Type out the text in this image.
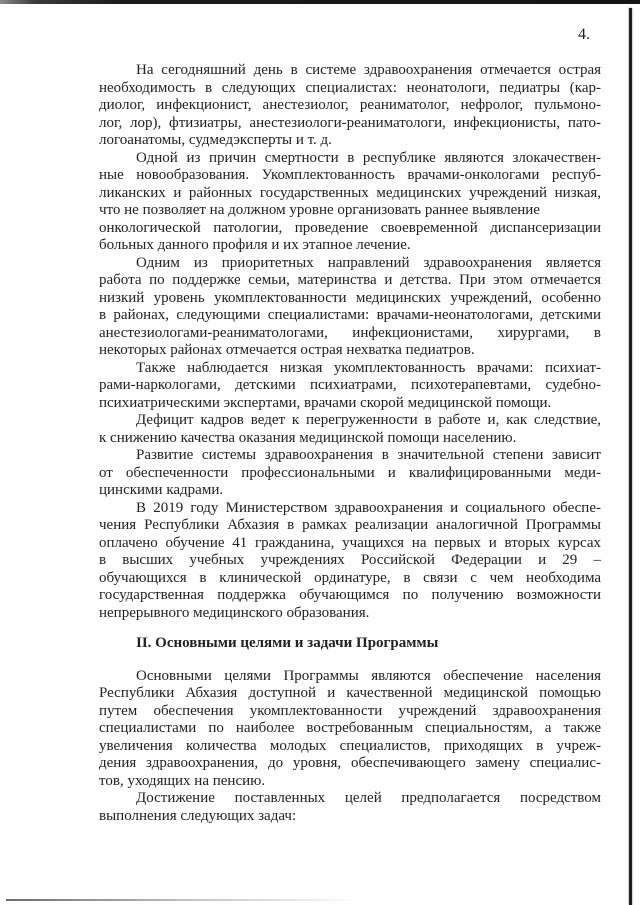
4.
На сегодняшний день в системе здравоохранения отмечается острая
необходимость в следующих специалистах: неонатологи, педиатры (кар-
диолог, инфекционист, анестезиолог, реаниматолог, нефролог, пульмоно-
лог, лор), фтизиатры, анестезиологи-реаниматологи, инфекционисты, пато-
логоанатомы, судмедэксперты и т. д.
Одной из причин смертности в республике являются злокачествен-
ные новообразования. Укомплектованность врачами-онкологами респуб-
ликанских и районных государственных медицинских учреждений низкая,
что не позволяет на должном уровне организовать раннее выявление
онкологической патологии, проведение своевременной диспансеризации
больных данного профиля и их этапное лечение.
Одним из приоритетных направлений здравоохранения является
работа по поддержке семьи, материнства и детства. При этом отмечается
низкий уровень укомплектованности медицинских учреждений, особенно
в районах, следующими специалистами: врачами-неонатологами, детскими
анестезиологами-реаниматологами, инфекционистами, хирургами, в
некоторых районах отмечается острая нехватка педиатров.
Также наблюдается низкая укомплектованность врачами: психиат-
рами-наркологами, детскими психиатрами, психотерапевтами, судебно-
психиатрическими экспертами, врачами скорой медицинской помощи.
Дефицит кадров ведет к перегруженности в работе и, как следствие,
к снижению качества оказания медицинской помощи населению.
Развитие системы здравоохранения в значительной степени зависит
от обеспеченности профессиональными и квалифицированными меди-
цинскими кадрами.
В 2019 году Министерством здравоохранения и социального обеспе-
чения Республики Абхазия в рамках реализации аналогичной Программы
оплачено обучение 41 гражданина, учащихся на первых и вторых курсах
в высших учебных учреждениях Российской Федерации и 29 –
обучающихся в клинической ординатуре, в связи с чем необходима
государственная поддержка обучающимся по получению возможности
непрерывного медицинского образования.
II. Основными целями и задачи Программы
Основными целями Программы являются обеспечение населения
Республики Абхазия доступной и качественной медицинской помощью
путем обеспечения укомплектованности учреждений здравоохранения
специалистами по наиболее востребованным специальностям, а также
увеличения количества молодых специалистов, приходящих в учреж-
дения здравоохранения, до уровня, обеспечивающего замену специалис-
тов, уходящих на пенсию.
Достижение поставленных целей предполагается посредством
выполнения следующих задач:
